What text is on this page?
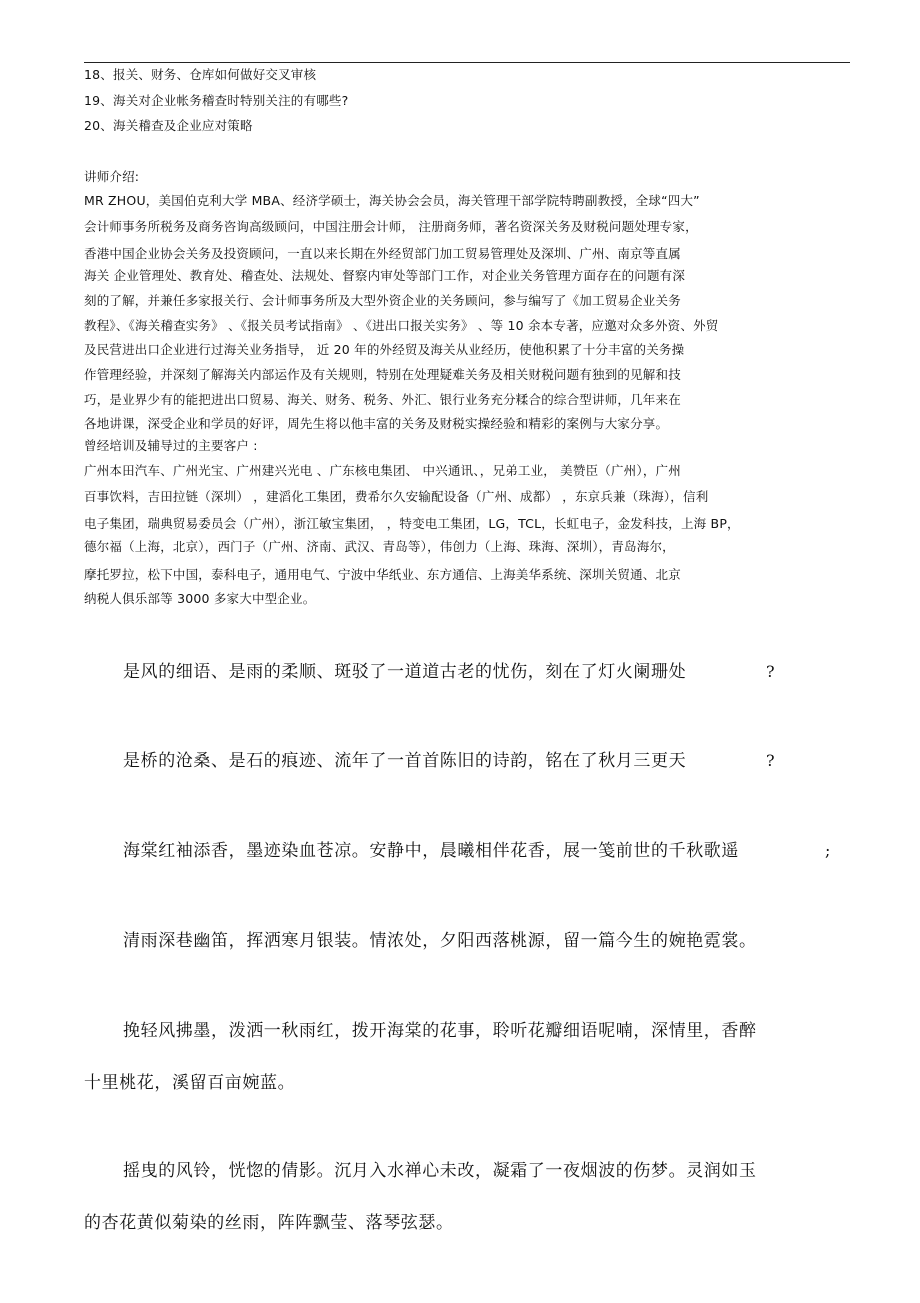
18、报关、财务、仓库如何做好交叉审核
19、海关对企业帐务稽查时特别关注的有哪些?
20、海关稽查及企业应对策略
讲师介绍:
MR ZHOU，美国伯克利大学 MBA、经济学硕士，海关协会会员，海关管理干部学院特聘副教授，全球“四大”
会计师事务所税务及商务咨询高级顾问，中国注册会计师， 注册商务师，著名资深关务及财税问题处理专家，
香港中国企业协会关务及投资顾问，一直以来长期在外经贸部门加工贸易管理处及深圳、广州、南京等直属
海关 企业管理处、教育处、稽查处、法规处、督察内审处等部门工作，对企业关务管理方面存在的问题有深
刻的了解，并兼任多家报关行、会计师事务所及大型外资企业的关务顾问，参与编写了《加工贸易企业关务
教程》、《海关稽查实务》 、《报关员考试指南》 、《进出口报关实务》 、等 10 余本专著，应邀对众多外资、外贸
及民营进出口企业进行过海关业务指导， 近 20 年的外经贸及海关从业经历，使他积累了十分丰富的关务操
作管理经验，并深刻了解海关内部运作及有关规则，特别在处理疑难关务及相关财税问题有独到的见解和技
巧，是业界少有的能把进出口贸易、海关、财务、税务、外汇、银行业务充分糅合的综合型讲师，几年来在
各地讲课，深受企业和学员的好评，周先生将以他丰富的关务及财税实操经验和精彩的案例与大家分享。
曾经培训及辅导过的主要客户 :
广州本田汽车、广州光宝、广州建兴光电 、广东核电集团、 中兴通讯、，兄弟工业， 美赞臣（广州），广州
百事饮料，吉田拉链（深圳） ，建滔化工集团，费希尔久安输配设备（广州、成都） ，东京兵兼（珠海），信利
电子集团，瑞典贸易委员会（广州），浙江敏宝集团， ，特变电工集团，LG，TCL，长虹电子，金发科技，上海 BP，
德尔福（上海，北京），西门子（广州、济南、武汉、青岛等），伟创力（上海、珠海、深圳），青岛海尔，
摩托罗拉，松下中国，泰科电子，通用电气、宁波中华纸业、东方通信、上海美华系统、深圳关贸通、北京
纳税人俱乐部等 3000 多家大中型企业。
是风的细语、是雨的柔顺、斑驳了一道道古老的忧伤，刻在了灯火阑珊处	?
是桥的沧桑、是石的痕迹、流年了一首首陈旧的诗韵，铭在了秋月三更天	?
海棠红袖添香，墨迹染血苍凉。安静中，晨曦相伴花香，展一笺前世的千秋歌遥	;
清雨深巷幽笛，挥洒寒月银装。情浓处，夕阳西落桃源，留一篇今生的婉艳霓裳。
挽轻风拂墨，泼洒一秋雨红，拨开海棠的花事，聆听花瓣细语呢喃，深情里，香醉
十里桃花，溪留百亩婉蓝。
摇曳的风铃，恍惚的倩影。沉月入水禅心未改，凝霜了一夜烟波的伤梦。灵润如玉
的杏花黄似菊染的丝雨，阵阵飘莹、落琴弦瑟。
